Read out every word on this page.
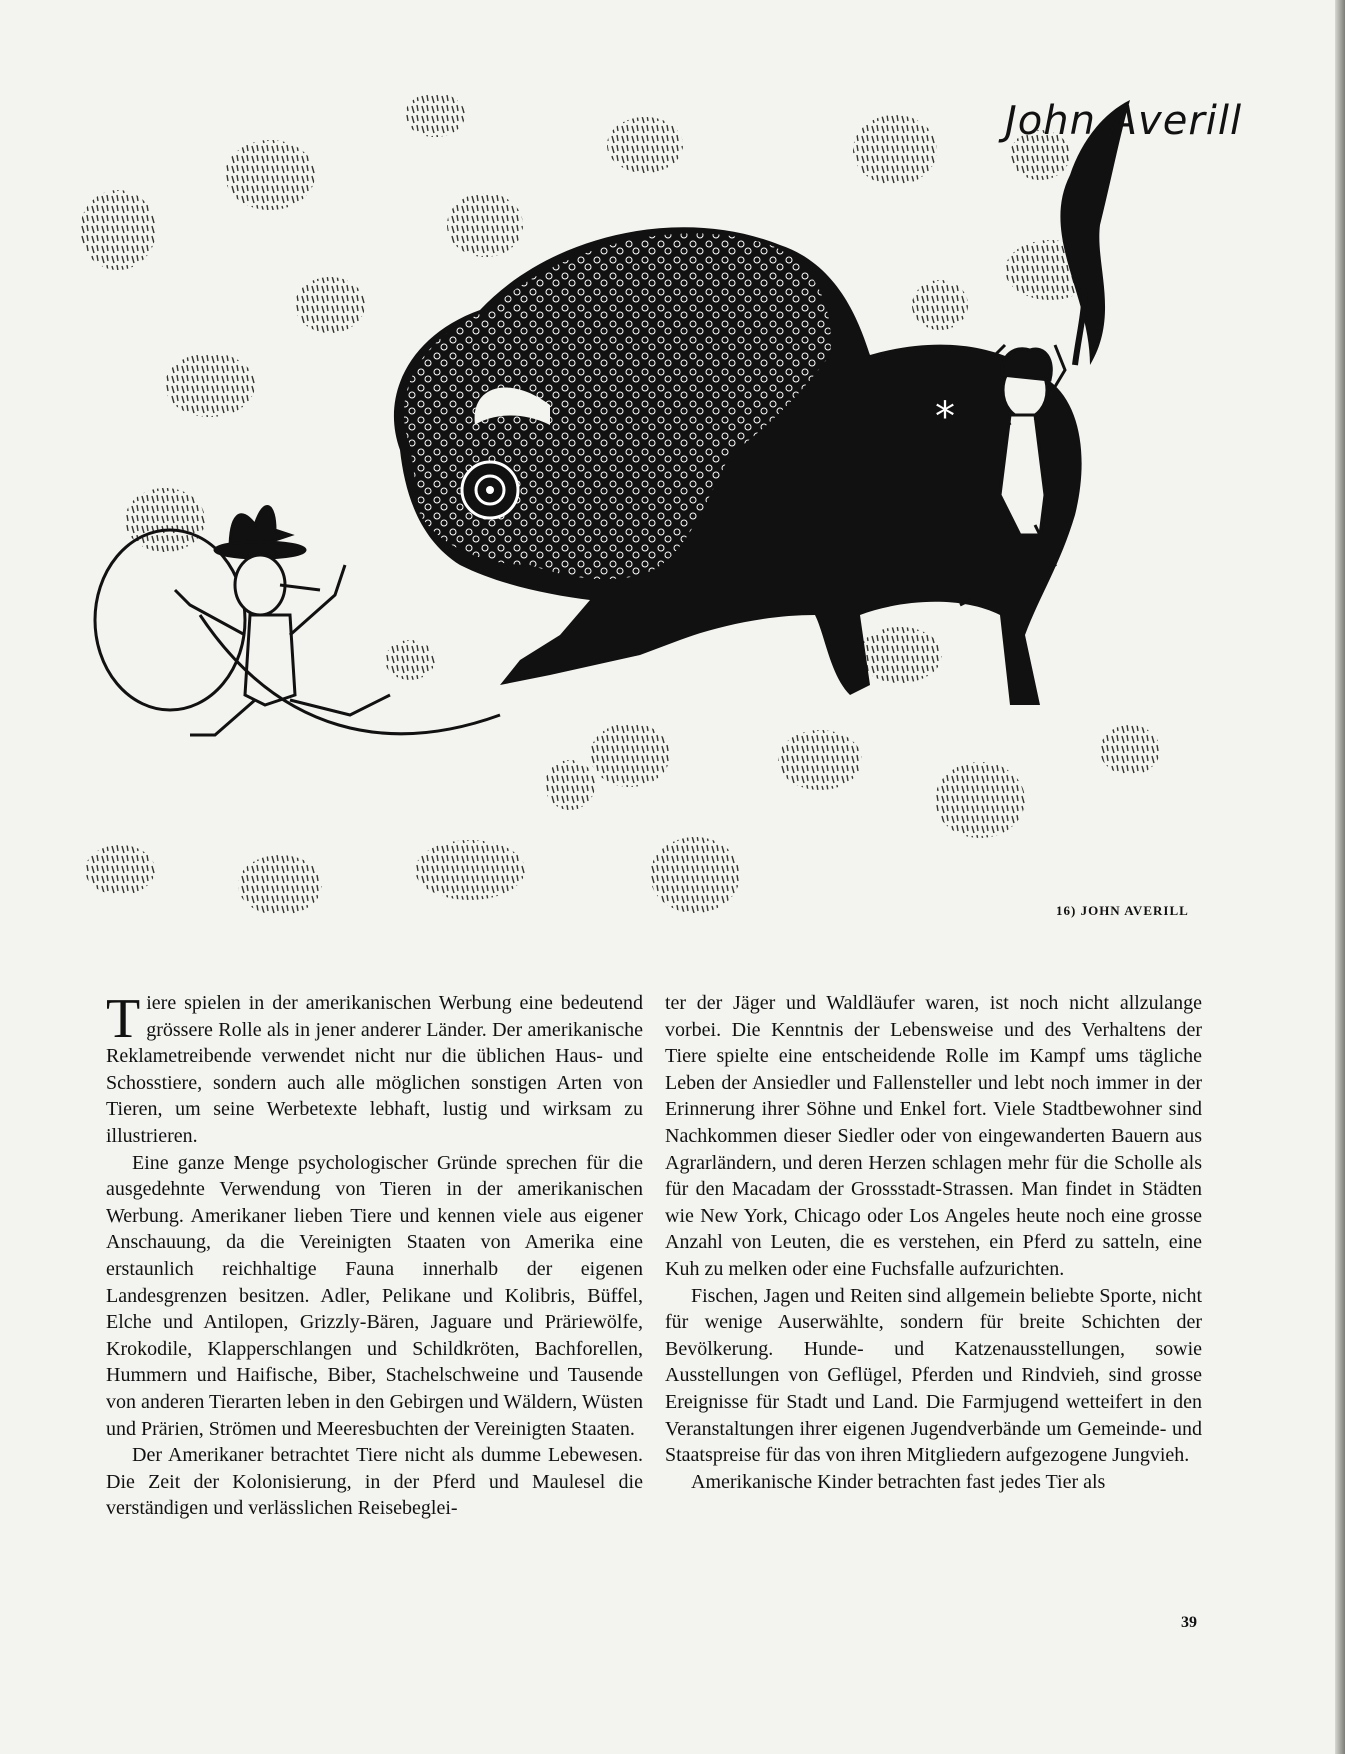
*
John Averill
16) JOHN AVERILL

Tiere spielen in der amerikanischen Werbung eine bedeutend grössere Rolle als in jener anderer Länder. Der amerikanische Reklametreibende verwendet nicht nur die üblichen Haus- und Schosstiere, sondern auch alle möglichen sonstigen Arten von Tieren, um seine Werbetexte lebhaft, lustig und wirksam zu illustrieren.

Eine ganze Menge psychologischer Gründe sprechen für die ausgedehnte Verwendung von Tieren in der amerikanischen Werbung. Amerikaner lieben Tiere und kennen viele aus eigener Anschauung, da die Vereinigten Staaten von Amerika eine erstaunlich reichhaltige Fauna innerhalb der eigenen Landesgrenzen besitzen. Adler, Pelikane und Kolibris, Büffel, Elche und Antilopen, Grizzly-Bären, Jaguare und Präriewölfe, Krokodile, Klapperschlangen und Schildkröten, Bachforellen, Hummern und Haifische, Biber, Stachelschweine und Tausende von anderen Tierarten leben in den Gebirgen und Wäldern, Wüsten und Prärien, Strömen und Meeresbuchten der Vereinigten Staaten.

Der Amerikaner betrachtet Tiere nicht als dumme Lebewesen. Die Zeit der Kolonisierung, in der Pferd und Maulesel die verständigen und verlässlichen Reisebeglei-

ter der Jäger und Waldläufer waren, ist noch nicht allzulange vorbei. Die Kenntnis der Lebensweise und des Verhaltens der Tiere spielte eine entscheidende Rolle im Kampf ums tägliche Leben der Ansiedler und Fallensteller und lebt noch immer in der Erinnerung ihrer Söhne und Enkel fort. Viele Stadtbewohner sind Nachkommen dieser Siedler oder von eingewanderten Bauern aus Agrarländern, und deren Herzen schlagen mehr für die Scholle als für den Macadam der Grossstadt-Strassen. Man findet in Städten wie New York, Chicago oder Los Angeles heute noch eine grosse Anzahl von Leuten, die es verstehen, ein Pferd zu satteln, eine Kuh zu melken oder eine Fuchsfalle aufzurichten.

Fischen, Jagen und Reiten sind allgemein beliebte Sporte, nicht für wenige Auserwählte, sondern für breite Schichten der Bevölkerung. Hunde- und Katzenausstellungen, sowie Ausstellungen von Geflügel, Pferden und Rindvieh, sind grosse Ereignisse für Stadt und Land. Die Farmjugend wetteifert in den Veranstaltungen ihrer eigenen Jugendverbände um Gemeinde- und Staatspreise für das von ihren Mitgliedern aufgezogene Jungvieh.

Amerikanische Kinder betrachten fast jedes Tier als

39
